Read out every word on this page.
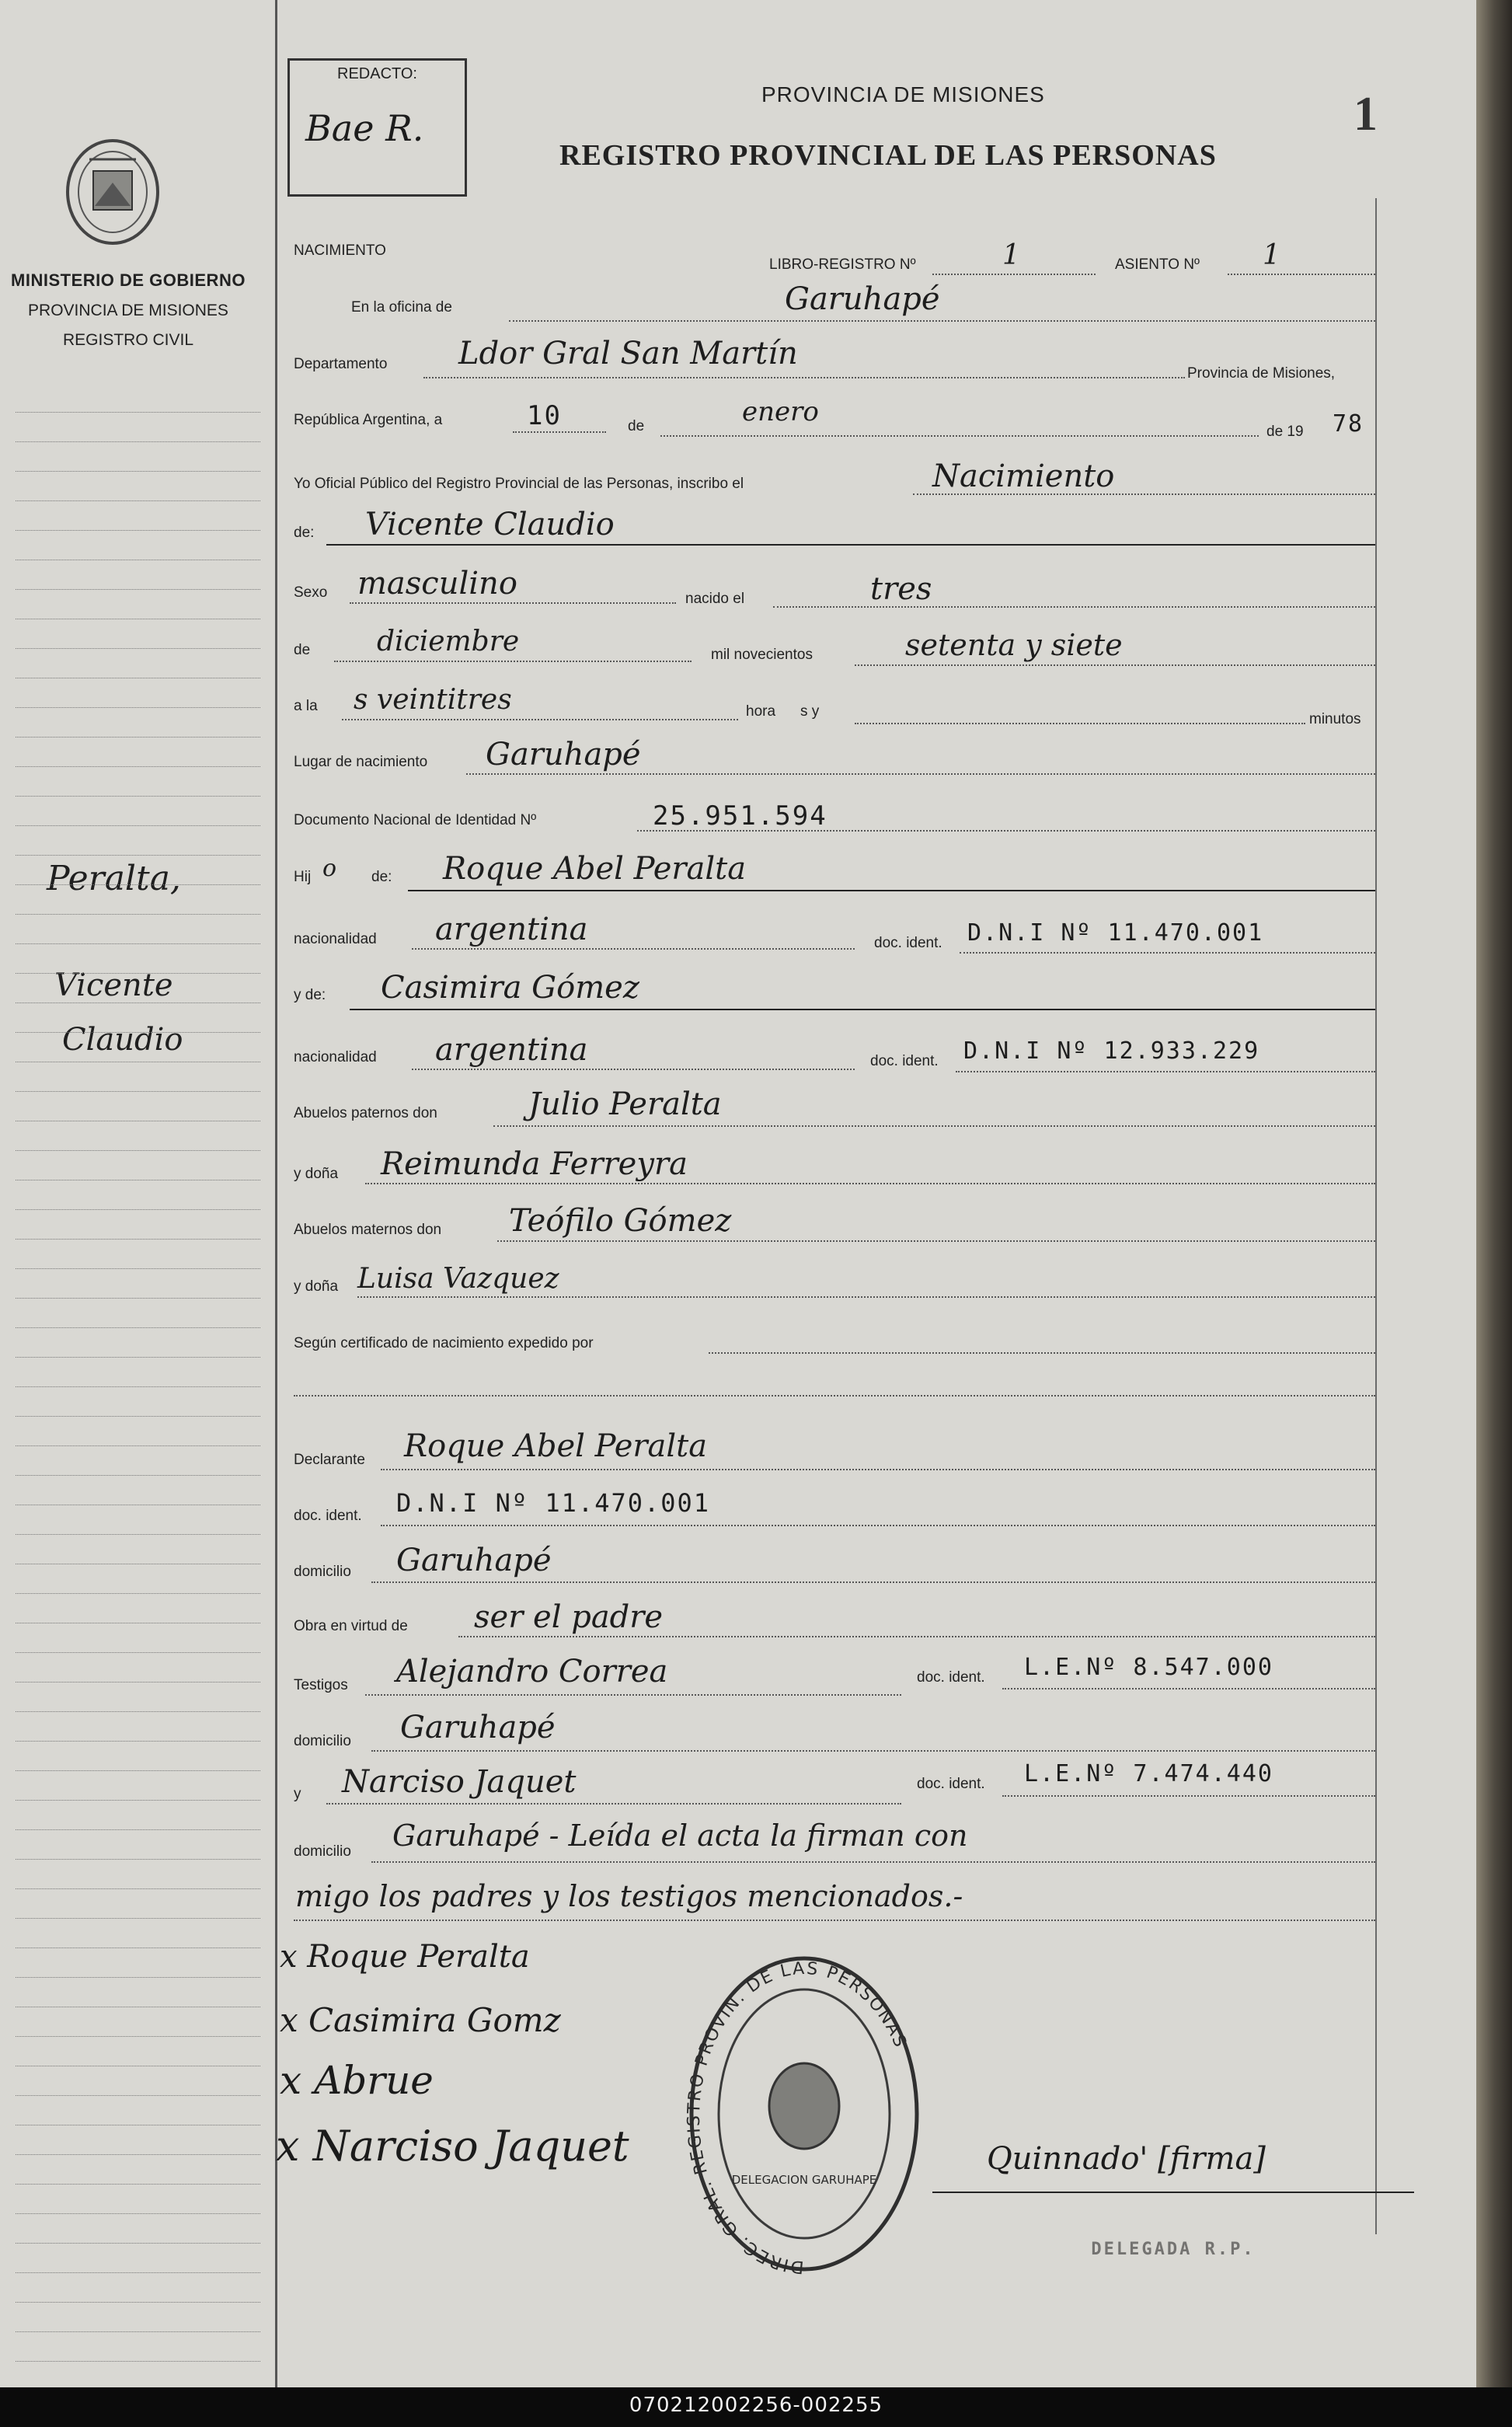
MINISTERIO DE GOBIERNO
PROVINCIA DE MISIONES
REGISTRO CIVIL
Peralta,
Vicente
Claudio
REDACTO:
Bae R.
PROVINCIA DE MISIONES
REGISTRO PROVINCIAL DE LAS PERSONAS
1
NACIMIENTO
LIBRO-REGISTRO Nº	1	ASIENTO Nº 1
En la oficina de	Garuhapé
Departamento Ldor Gral San Martín
Provincia de Misiones,
República Argentina, a	10	de	enero
de 19 78
Yo Oficial Público del Registro Provincial de las Personas, inscribo el	Nacimiento
de: Vicente Claudio
Sexo masculino	nacido el	tres
de diciembre	mil novecientos	setenta y siete
a la s veintitres	hora s y	minutos
Lugar de nacimiento Garuhapé
Documento Nacional de Identidad Nº	25.951.594
Hij o de: Roque Abel Peralta
nacionalidad argentina	doc. ident. D.N.I Nº 11.470.001
y de: Casimira Gómez
nacionalidad argentina	doc. ident. D.N.I Nº 12.933.229
Abuelos paternos don	Julio Peralta
y doña Reimunda Ferreyra
Abuelos maternos don Teófilo Gómez
y doña Luisa Vazquez
Según certificado de nacimiento expedido por
Declarante Roque Abel Peralta
doc. ident. D.N.I Nº 11.470.001
domicilio Garuhapé
Obra en virtud de ser el padre
Testigos Alejandro Correa	doc. ident. L.E.Nº 8.547.000
domicilio Garuhapé
y Narciso Jaquet	doc. ident. L.E.Nº 7.474.440
domicilio Garuhapé - Leída el acta la firman con
migo los padres y los testigos mencionados.-
x Roque Peralta
x Casimira Gomz
x Abrue
x Narciso Jaquet	Quinnado' [firma]
DIREC. GRAL. REGISTRO PROVIN. DE LAS PERSONAS
DELEGACION GARUHAPE
DELEGADA R.P.
070212002256-002255
